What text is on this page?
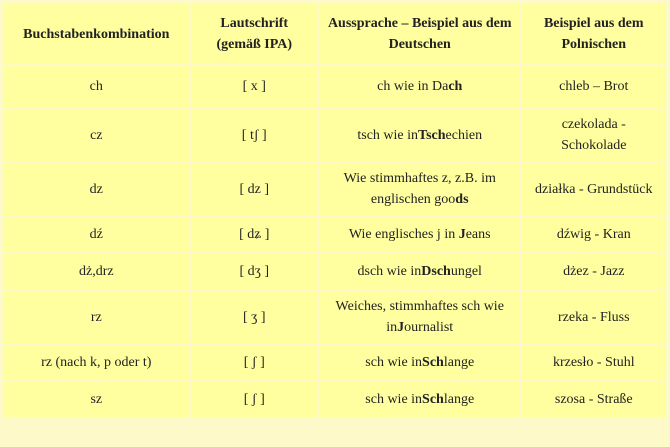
Buchstabenkombination	Lautschrift (gemäß IPA)	Aussprache – Beispiel aus dem Deutschen	Beispiel aus dem Polnischen
ch	[ x ]	ch wie in Dach	chleb – Brot
cz	[ tʃ ]	tsch wie inTschechien	czekolada - Schokolade
dz	[ dz ]	Wie stimmhaftes z, z.B. im englischen goods	działka - Grundstück
dź	[ dʑ ]	Wie englisches j in Jeans	dźwig - Kran
dż,drz	[ dʒ ]	dsch wie inDschungel	dżez - Jazz
rz	[ ʒ ]	Weiches, stimmhaftes sch wie inJournalist	rzeka - Fluss
rz (nach k, p oder t)	[ ʃ ]	sch wie inSchlange	krzesło - Stuhl
sz	[ ʃ ]	sch wie inSchlange	szosa - Straße
